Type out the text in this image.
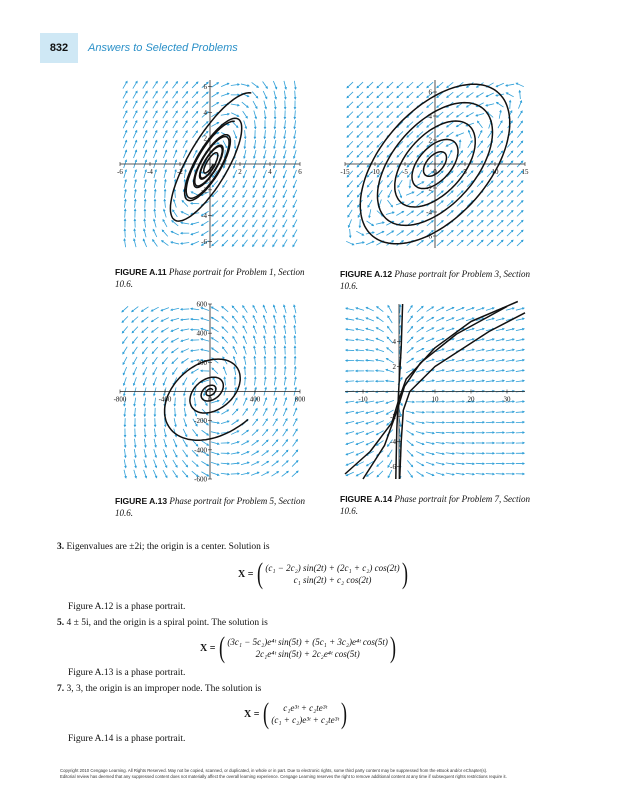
832	Answers to Selected Problems
-6	-4	-2	0	2	4	6
6
4
2
-2
-4
-6
FIGURE A.11 Phase portrait for Problem 1, Section 10.6.
-15	-10	-5	0	5	10	15
6
4
2
-2
-4
-6
FIGURE A.12 Phase portrait for Problem 3, Section 10.6.
-800	-400	0	400	800
600
400
200
-200
-400
-600
FIGURE A.13 Phase portrait for Problem 5, Section 10.6.
-10	0	10	20	30
4
2
-2
-4
-6
FIGURE A.14 Phase portrait for Problem 7, Section 10.6.
3. Eigenvalues are ±2i; the origin is a center. Solution is
X = ( (c₁ − 2c₂) sin(2t) + (2c₁ + c₂) cos(2t)
c₁ sin(2t) + c₂ cos(2t) )
Figure A.12 is a phase portrait.
5. 4 ± 5i, and the origin is a spiral point. The solution is
X = ( (3c₁ − 5c₂)e⁴ᵗ sin(5t) + (5c₁ + 3c₂)e⁴ᵗ cos(5t)
2c₁e⁴ᵗ sin(5t) + 2c₂e⁴ᵗ cos(5t) )
Figure A.13 is a phase portrait.
7. 3, 3, the origin is an improper node. The solution is
X = ( c₁e³ᵗ + c₂te³ᵗ
(c₁ + c₂)e³ᵗ + c₂te³ᵗ )
Figure A.14 is a phase portrait.
Copyright 2010 Cengage Learning. All Rights Reserved. May not be copied, scanned, or duplicated, in whole or in part. Due to electronic rights, some third party content may be suppressed from the eBook and/or eChapter(s).
Editorial review has deemed that any suppressed content does not materially affect the overall learning experience. Cengage Learning reserves the right to remove additional content at any time if subsequent rights restrictions require it.
